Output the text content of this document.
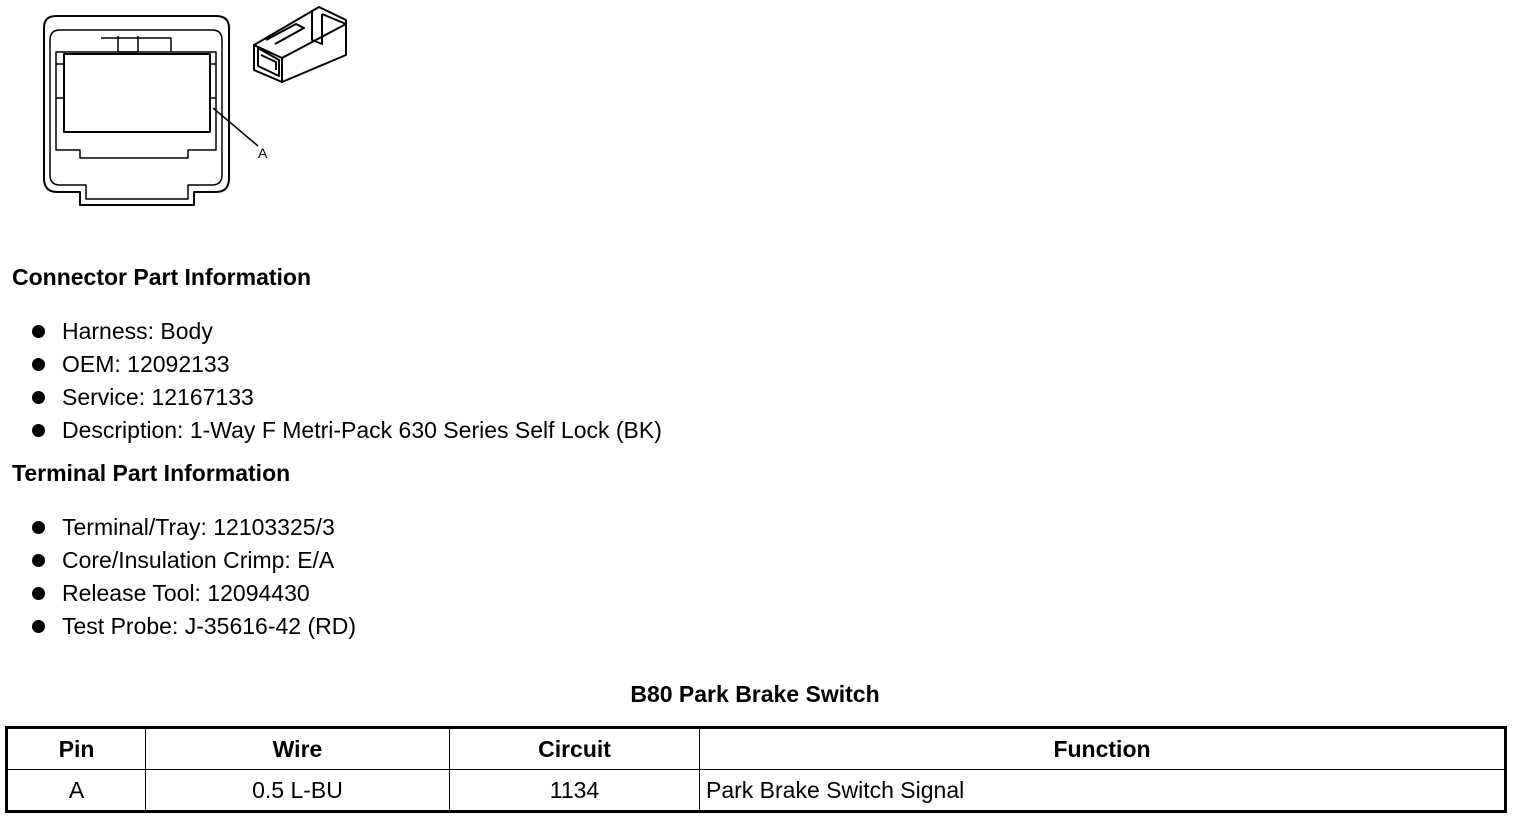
A
Connector Part Information
Harness: Body
OEM: 12092133
Service: 12167133
Description: 1-Way F Metri-Pack 630 Series Self Lock (BK)
Terminal Part Information
Terminal/Tray: 12103325/3
Core/Insulation Crimp: E/A
Release Tool: 12094430
Test Probe: J-35616-42 (RD)
B80 Park Brake Switch
Pin	Wire	Circuit	Function
A	0.5 L-BU	1134	Park Brake Switch Signal
